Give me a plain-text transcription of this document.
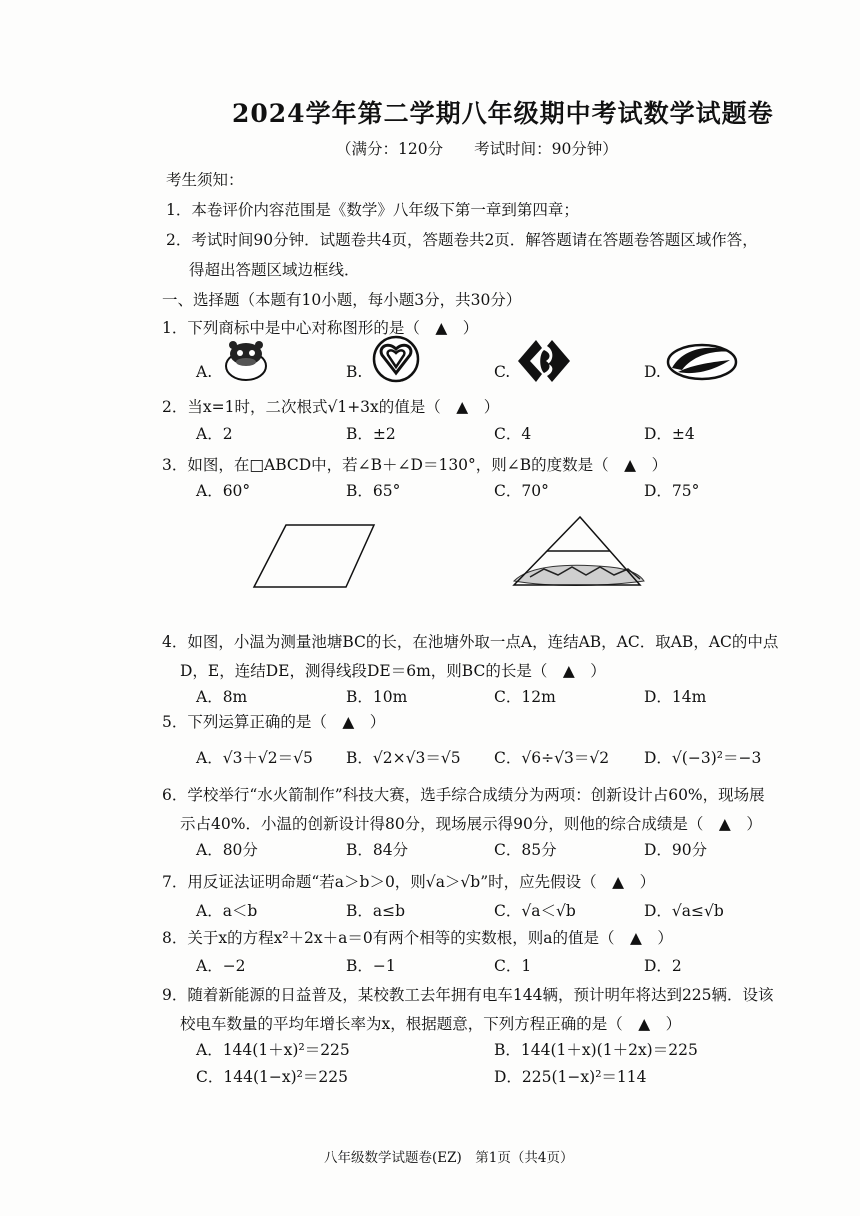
2024学年第二学期八年级期中考试数学试题卷
（满分：120分　　考试时间：90分钟）
考生须知：
1．本卷评价内容范围是《数学》八年级下第一章到第四章；
2．考试时间90分钟．试题卷共4页，答题卷共2页．解答题请在答题卷答题区域作答，
得超出答题区域边框线．
一、选择题（本题有10小题，每小题3分，共30分）
1．下列商标中是中心对称图形的是（　▲　）
A.	B.	C.	D.
2．当x=1时，二次根式√1+3x的值是（　▲　）
A．2	B．±2	C．4	D．±4
3．如图，在□ABCD中，若∠B＋∠D＝130°，则∠B的度数是（　▲　）
A．60°	B．65°	C．70°	D．75°
4．如图，小温为测量池塘BC的长，在池塘外取一点A，连结AB，AC．取AB，AC的中点
D，E，连结DE，测得线段DE＝6m，则BC的长是（　▲　）
A．8m	B．10m	C．12m	D．14m
5．下列运算正确的是（　▲　）
A．√3＋√2＝√5 B．√2×√3＝√5 C．√6÷√3＝√2 D．√(−3)²＝−3
6．学校举行“水火箭制作”科技大赛，选手综合成绩分为两项：创新设计占60%，现场展
示占40%．小温的创新设计得80分，现场展示得90分，则他的综合成绩是（　▲　）
A．80分	B．84分	C．85分	D．90分
7．用反证法证明命题“若a＞b＞0，则√a＞√b”时，应先假设（　▲　）
A．a＜b	B．a≤b	C．√a＜√b	D．√a≤√b
8．关于x的方程x²＋2x＋a＝0有两个相等的实数根，则a的值是（　▲　）
A．−2	B．−1	C．1	D．2
9．随着新能源的日益普及，某校教工去年拥有电车144辆，预计明年将达到225辆．设该
校电车数量的平均年增长率为x，根据题意，下列方程正确的是（　▲　）
A．144(1＋x)²＝225	B．144(1＋x)(1＋2x)＝225
C．144(1−x)²＝225	D．225(1−x)²＝114
八年级数学试题卷(EZ)　第1页（共4页）
